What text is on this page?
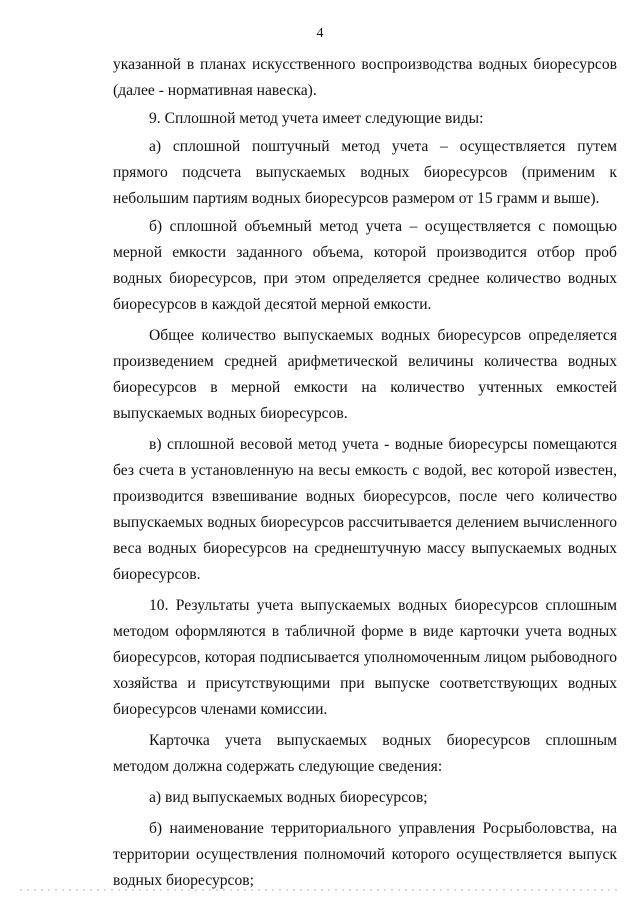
4

указанной в планах искусственного воспроизводства водных биоресурсов (далее - нормативная навеска).

9. Сплошной метод учета имеет следующие виды:

а) сплошной поштучный метод учета – осуществляется путем прямого подсчета выпускаемых водных биоресурсов (применим к небольшим партиям водных биоресурсов размером от 15 грамм и выше).

б) сплошной объемный метод учета – осуществляется с помощью мерной емкости заданного объема, которой производится отбор проб водных биоресурсов, при этом определяется среднее количество водных биоресурсов в каждой десятой мерной емкости.

Общее количество выпускаемых водных биоресурсов определяется произведением средней арифметической величины количества водных биоресурсов в мерной емкости на количество учтенных емкостей выпускаемых водных биоресурсов.

в) сплошной весовой метод учета - водные биоресурсы помещаются без счета в установленную на весы емкость с водой, вес которой известен, производится взвешивание водных биоресурсов, после чего количество выпускаемых водных биоресурсов рассчитывается делением вычисленного веса водных биоресурсов на среднештучную массу выпускаемых водных биоресурсов.

10. Результаты учета выпускаемых водных биоресурсов сплошным методом оформляются в табличной форме в виде карточки учета водных биоресурсов, которая подписывается уполномоченным лицом рыбоводного хозяйства и присутствующими при выпуске соответствующих водных биоресурсов членами комиссии.

Карточка учета выпускаемых водных биоресурсов сплошным методом должна содержать следующие сведения:

а) вид выпускаемых водных биоресурсов;

б) наименование территориального управления Росрыболовства, на территории осуществления полномочий которого осуществляется выпуск водных биоресурсов;
